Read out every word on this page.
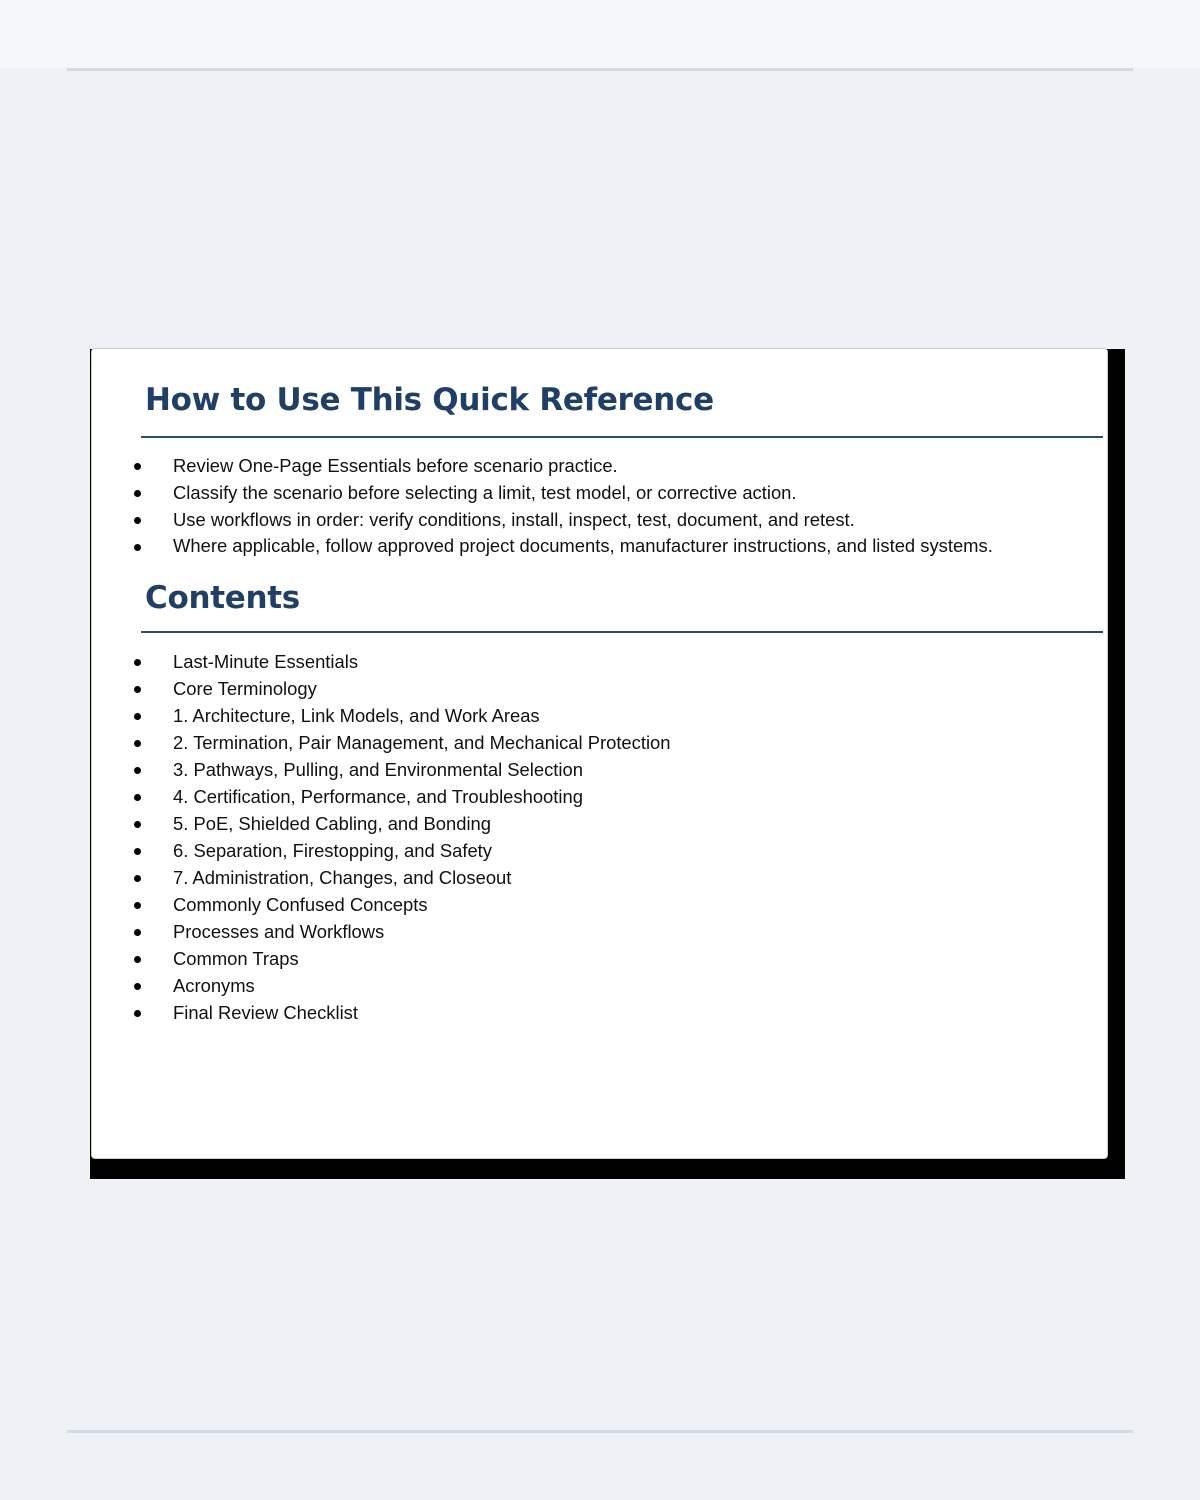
How to Use This Quick Reference
Review One-Page Essentials before scenario practice.
Classify the scenario before selecting a limit, test model, or corrective action.
Use workflows in order: verify conditions, install, inspect, test, document, and retest.
Where applicable, follow approved project documents, manufacturer instructions, and listed systems.
Contents
Last-Minute Essentials
Core Terminology
1. Architecture, Link Models, and Work Areas
2. Termination, Pair Management, and Mechanical Protection
3. Pathways, Pulling, and Environmental Selection
4. Certification, Performance, and Troubleshooting
5. PoE, Shielded Cabling, and Bonding
6. Separation, Firestopping, and Safety
7. Administration, Changes, and Closeout
Commonly Confused Concepts
Processes and Workflows
Common Traps
Acronyms
Final Review Checklist
